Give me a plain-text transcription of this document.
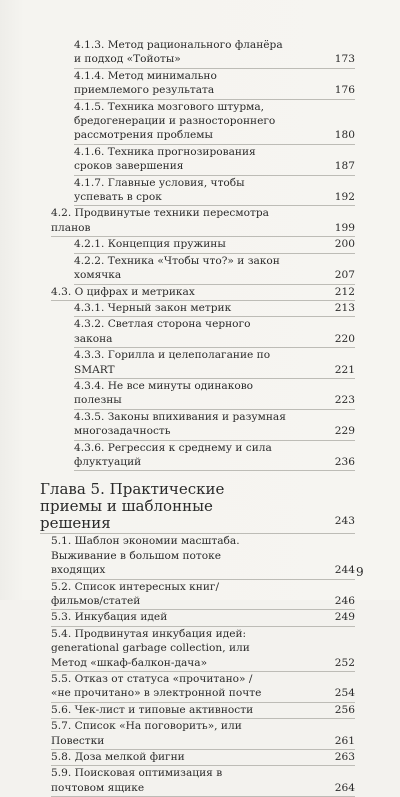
4.1.3. Метод рационального фланёра и подход «Тойоты»	173
4.1.4. Метод минимально приемлемого результата	176
4.1.5. Техника мозгового штурма, бредогенерации и разностороннего рассмотрения проблемы	180
4.1.6. Техника прогнозирования сроков завершения	187
4.1.7. Главные условия, чтобы успевать в срок	192
4.2. Продвинутые техники пересмотра планов	199
4.2.1. Концепция пружины	200
4.2.2. Техника «Чтобы что?» и закон хомячка	207
4.3. О цифрах и метриках	212
4.3.1. Черный закон метрик	213
4.3.2. Светлая сторона черного закона	220
4.3.3. Горилла и целеполагание по SMART	221
4.3.4. Не все минуты одинаково полезны	223
4.3.5. Законы впихивания и разумная многозадачность	229
4.3.6. Регрессия к среднему и сила флуктуаций	236
Глава 5. Практические приемы и шаблонные решения	243
5.1. Шаблон экономии масштаба. Выживание в большом потоке входящих	244
5.2. Список интересных книг/фильмов/статей	246
5.3. Инкубация идей	249
5.4. Продвинутая инкубация идей: generational garbage collection, или Метод «шкаф-балкон-дача»	252
5.5. Отказ от статуса «прочитано» / «не прочитано» в электронной почте	254
5.6. Чек-лист и типовые активности	256
5.7. Список «На поговорить», или Повестки	261
5.8. Доза мелкой фигни	263
5.9. Поисковая оптимизация в почтовом ящике	264
9
